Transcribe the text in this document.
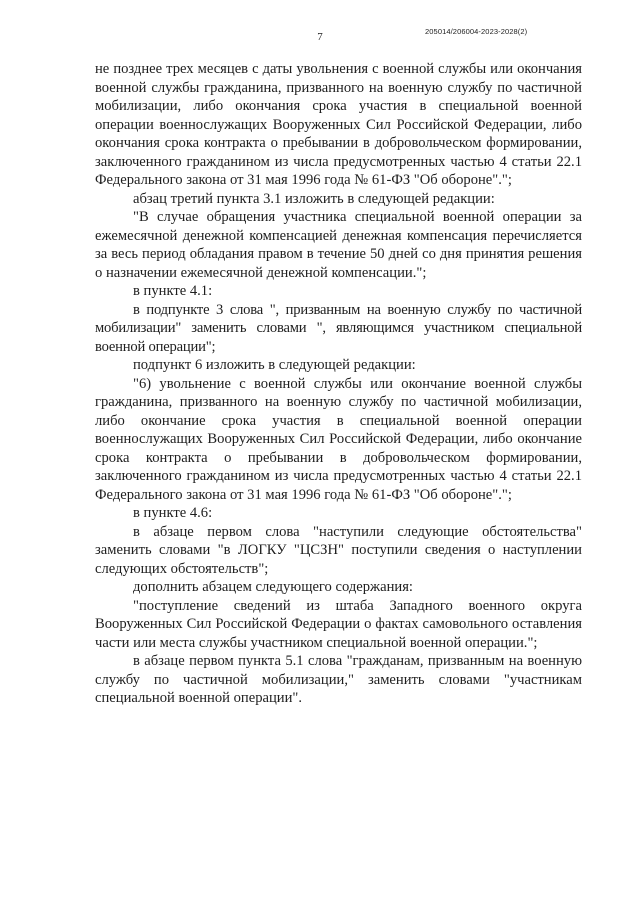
7	205014/206004-2023-2028(2)

не позднее трех месяцев с даты увольнения с военной службы или окончания военной службы гражданина, призванного на военную службу по частичной мобилизации, либо окончания срока участия в специальной военной операции военнослужащих Вооруженных Сил Российской Федерации, либо окончания срока контракта о пребывании в добровольческом формировании, заключенного гражданином из числа предусмотренных частью 4 статьи 22.1 Федерального закона от 31 мая 1996 года № 61-ФЗ "Об обороне".";

абзац третий пункта 3.1 изложить в следующей редакции:

"В случае обращения участника специальной военной операции за ежемесячной денежной компенсацией денежная компенсация перечисляется за весь период обладания правом в течение 50 дней со дня принятия решения о назначении ежемесячной денежной компенсации.";

в пункте 4.1:

в подпункте 3 слова ", призванным на военную службу по частичной мобилизации" заменить словами ", являющимся участником специальной военной операции";

подпункт 6 изложить в следующей редакции:

"6) увольнение с военной службы или окончание военной службы гражданина, призванного на военную службу по частичной мобилизации, либо окончание срока участия в специальной военной операции военнослужащих Вооруженных Сил Российской Федерации, либо окончание срока контракта о пребывании в добровольческом формировании, заключенного гражданином из числа предусмотренных частью 4 статьи 22.1 Федерального закона от 31 мая 1996 года № 61-ФЗ "Об обороне".";

в пункте 4.6:

в абзаце первом слова "наступили следующие обстоятельства" заменить словами "в ЛОГКУ "ЦСЗН" поступили сведения о наступлении следующих обстоятельств";

дополнить абзацем следующего содержания:

"поступление сведений из штаба Западного военного округа Вооруженных Сил Российской Федерации о фактах самовольного оставления части или места службы участником специальной военной операции.";

в абзаце первом пункта 5.1 слова "гражданам, призванным на военную службу по частичной мобилизации," заменить словами "участникам специальной военной операции".
